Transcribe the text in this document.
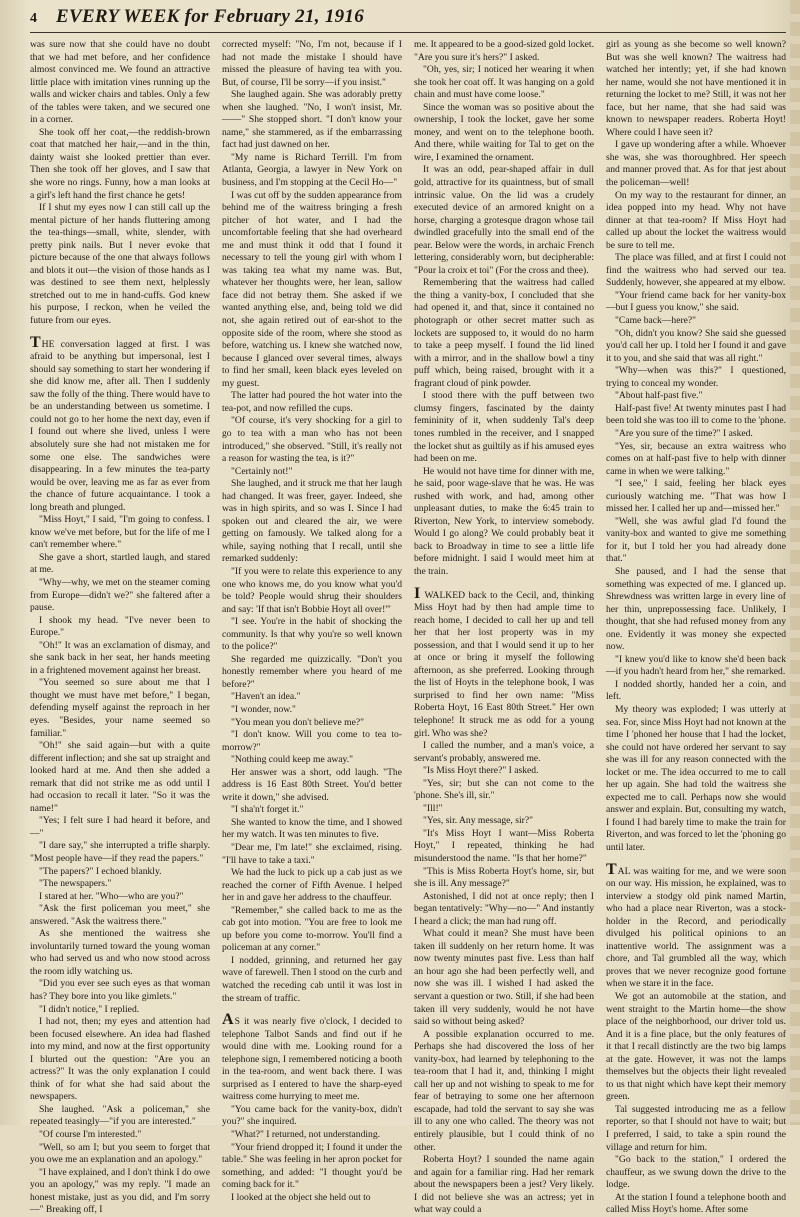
4	EVERY WEEK for February 21, 1916

was sure now that she could have no doubt that we had met before, and her confidence almost convinced me. We found an attractive little place with imitation vines running up the walls and wicker chairs and tables. Only a few of the tables were taken, and we secured one in a corner.

She took off her coat,—the reddish-brown coat that matched her hair,—and in the thin, dainty waist she looked prettier than ever. Then she took off her gloves, and I saw that she wore no rings. Funny, how a man looks at a girl's left hand the first chance he gets!

If I shut my eyes now I can still call up the mental picture of her hands fluttering among the tea-things—small, white, slender, with pretty pink nails. But I never evoke that picture because of the one that always follows and blots it out—the vision of those hands as I was destined to see them next, helplessly stretched out to me in hand-cuffs. God knew his purpose, I reckon, when he veiled the future from our eyes.

THE conversation lagged at first. I was afraid to be anything but impersonal, lest I should say something to start her wondering if she did know me, after all. Then I suddenly saw the folly of the thing. There would have to be an understanding between us sometime. I could not go to her home the next day, even if I found out where she lived, unless I were absolutely sure she had not mistaken me for some one else. The sandwiches were disappearing. In a few minutes the tea-party would be over, leaving me as far as ever from the chance of future acquaintance. I took a long breath and plunged.

"Miss Hoyt," I said, "I'm going to confess. I know we've met before, but for the life of me I can't remember where."

She gave a short, startled laugh, and stared at me.

"Why—why, we met on the steamer coming from Europe—didn't we?" she faltered after a pause.

I shook my head. "I've never been to Europe."

"Oh!" It was an exclamation of dismay, and she sank back in her seat, her hands meeting in a frightened movement against her breast.

"You seemed so sure about me that I thought we must have met before," I began, defending myself against the reproach in her eyes. "Besides, your name seemed so familiar."

"Oh!" she said again—but with a quite different inflection; and she sat up straight and looked hard at me. And then she added a remark that did not strike me as odd until I had occasion to recall it later. "So it was the name!"

"Yes; I felt sure I had heard it before, and—"

"I dare say," she interrupted a trifle sharply. "Most people have—if they read the papers."

"The papers?" I echoed blankly.

"The newspapers."

I stared at her. "Who—who are you?"

"Ask the first policeman you meet," she answered. "Ask the waitress there."

As she mentioned the waitress she involuntarily turned toward the young woman who had served us and who now stood across the room idly watching us.

"Did you ever see such eyes as that woman has? They bore into you like gimlets."

"I didn't notice," I replied.

I had not, then; my eyes and attention had been focused elsewhere. An idea had flashed into my mind, and now at the first opportunity I blurted out the question: "Are you an actress?" It was the only explanation I could think of for what she had said about the newspapers.

She laughed. "Ask a policeman," she repeated teasingly—"if you are interested."

"Of course I'm interested."

"Well, so am I; but you seem to forget that you owe me an explanation and an apology."

"I have explained, and I don't think I do owe you an apology," was my reply. "I made an honest mistake, just as you did, and I'm sorry—" Breaking off, I

corrected myself: "No, I'm not, because if I had not made the mistake I should have missed the pleasure of having tea with you. But, of course, I'll be sorry—if you insist."

She laughed again. She was adorably pretty when she laughed. "No, I won't insist, Mr.——" She stopped short. "I don't know your name," she stammered, as if the embarrassing fact had just dawned on her.

"My name is Richard Terrill. I'm from Atlanta, Georgia, a lawyer in New York on business, and I'm stopping at the Cecil Ho—"

I was cut off by the sudden appearance from behind me of the waitress bringing a fresh pitcher of hot water, and I had the uncomfortable feeling that she had overheard me and must think it odd that I found it necessary to tell the young girl with whom I was taking tea what my name was. But, whatever her thoughts were, her lean, sallow face did not betray them. She asked if we wanted anything else, and, being told we did not, she again retired out of ear-shot to the opposite side of the room, where she stood as before, watching us. I knew she watched now, because I glanced over several times, always to find her small, keen black eyes leveled on my guest.

The latter had poured the hot water into the tea-pot, and now refilled the cups.

"Of course, it's very shocking for a girl to go to tea with a man who has not been introduced," she observed. "Still, it's really not a reason for wasting the tea, is it?"

"Certainly not!"

She laughed, and it struck me that her laugh had changed. It was freer, gayer. Indeed, she was in high spirits, and so was I. Since I had spoken out and cleared the air, we were getting on famously. We talked along for a while, saying nothing that I recall, until she remarked suddenly:

"If you were to relate this experience to any one who knows me, do you know what you'd be told? People would shrug their shoulders and say: 'If that isn't Bobbie Hoyt all over!'"

"I see. You're in the habit of shocking the community. Is that why you're so well known to the police?"

She regarded me quizzically. "Don't you honestly remember where you heard of me before?"

"Haven't an idea."

"I wonder, now."

"You mean you don't believe me?"

"I don't know. Will you come to tea to-morrow?"

"Nothing could keep me away."

Her answer was a short, odd laugh. "The address is 16 East 80th Street. You'd better write it down," she advised.

"I sha'n't forget it."

She wanted to know the time, and I showed her my watch. It was ten minutes to five.

"Dear me, I'm late!" she exclaimed, rising. "I'll have to take a taxi."

We had the luck to pick up a cab just as we reached the corner of Fifth Avenue. I helped her in and gave her address to the chauffeur.

"Remember," she called back to me as the cab got into motion. "You are free to look me up before you come to-morrow. You'll find a policeman at any corner."

I nodded, grinning, and returned her gay wave of farewell. Then I stood on the curb and watched the receding cab until it was lost in the stream of traffic.

AS it was nearly five o'clock, I decided to telephone Talbot Sands and find out if he would dine with me. Looking round for a telephone sign, I remembered noticing a booth in the tea-room, and went back there. I was surprised as I entered to have the sharp-eyed waitress come hurrying to meet me.

"You came back for the vanity-box, didn't you?" she inquired.

"What?" I returned, not understanding.

"Your friend dropped it; I found it under the table." She was feeling in her apron pocket for something, and added: "I thought you'd be coming back for it."

I looked at the object she held out to

me. It appeared to be a good-sized gold locket. "Are you sure it's hers?" I asked.

"Oh, yes, sir; I noticed her wearing it when she took her coat off. It was hanging on a gold chain and must have come loose."

Since the woman was so positive about the ownership, I took the locket, gave her some money, and went on to the telephone booth. And there, while waiting for Tal to get on the wire, I examined the ornament.

It was an odd, pear-shaped affair in dull gold, attractive for its quaintness, but of small intrinsic value. On the lid was a crudely executed device of an armored knight on a horse, charging a grotesque dragon whose tail dwindled gracefully into the small end of the pear. Below were the words, in archaic French lettering, considerably worn, but decipherable: "Pour la croix et toi" (For the cross and thee).

Remembering that the waitress had called the thing a vanity-box, I concluded that she had opened it, and that, since it contained no photograph or other secret matter such as lockets are supposed to, it would do no harm to take a peep myself. I found the lid lined with a mirror, and in the shallow bowl a tiny puff which, being raised, brought with it a fragrant cloud of pink powder.

I stood there with the puff between two clumsy fingers, fascinated by the dainty femininity of it, when suddenly Tal's deep tones rumbled in the receiver, and I snapped the locket shut as guiltily as if his amused eyes had been on me.

He would not have time for dinner with me, he said, poor wage-slave that he was. He was rushed with work, and had, among other unpleasant duties, to make the 6:45 train to Riverton, New York, to interview somebody. Would I go along? We could probably beat it back to Broadway in time to see a little life before midnight. I said I would meet him at the train.

I WALKED back to the Cecil, and, thinking Miss Hoyt had by then had ample time to reach home, I decided to call her up and tell her that her lost property was in my possession, and that I would send it up to her at once or bring it myself the following afternoon, as she preferred. Looking through the list of Hoyts in the telephone book, I was surprised to find her own name: "Miss Roberta Hoyt, 16 East 80th Street." Her own telephone! It struck me as odd for a young girl. Who was she?

I called the number, and a man's voice, a servant's probably, answered me.

"Is Miss Hoyt there?" I asked.

"Yes, sir; but she can not come to the 'phone. She's ill, sir."

"Ill!"

"Yes, sir. Any message, sir?"

"It's Miss Hoyt I want—Miss Roberta Hoyt," I repeated, thinking he had misunderstood the name. "Is that her home?"

"This is Miss Roberta Hoyt's home, sir, but she is ill. Any message?"

Astonished, I did not at once reply; then I began tentatively: "Why—no—" And instantly I heard a click; the man had rung off.

What could it mean? She must have been taken ill suddenly on her return home. It was now twenty minutes past five. Less than half an hour ago she had been perfectly well, and now she was ill. I wished I had asked the servant a question or two. Still, if she had been taken ill very suddenly, would he not have said so without being asked?

A possible explanation occurred to me. Perhaps she had discovered the loss of her vanity-box, had learned by telephoning to the tea-room that I had it, and, thinking I might call her up and not wishing to speak to me for fear of betraying to some one her afternoon escapade, had told the servant to say she was ill to any one who called. The theory was not entirely plausible, but I could think of no other.

Roberta Hoyt? I sounded the name again and again for a familiar ring. Had her remark about the newspapers been a jest? Very likely. I did not believe she was an actress; yet in what way could a

girl as young as she become so well known? But was she well known? The waitress had watched her intently; yet, if she had known her name, would she not have mentioned it in returning the locket to me? Still, it was not her face, but her name, that she had said was known to newspaper readers. Roberta Hoyt! Where could I have seen it?

I gave up wondering after a while. Whoever she was, she was thoroughbred. Her speech and manner proved that. As for that jest about the policeman—well!

On my way to the restaurant for dinner, an idea popped into my head. Why not have dinner at that tea-room? If Miss Hoyt had called up about the locket the waitress would be sure to tell me.

The place was filled, and at first I could not find the waitress who had served our tea. Suddenly, however, she appeared at my elbow.

"Your friend came back for her vanity-box—but I guess you know," she said.

"Came back—here?"

"Oh, didn't you know? She said she guessed you'd call her up. I told her I found it and gave it to you, and she said that was all right."

"Why—when was this?" I questioned, trying to conceal my wonder.

"About half-past five."

Half-past five! At twenty minutes past I had been told she was too ill to come to the 'phone.

"Are you sure of the time?" I asked.

"Yes, sir, because an extra waitress who comes on at half-past five to help with dinner came in when we were talking."

"I see," I said, feeling her black eyes curiously watching me. "That was how I missed her. I called her up and—missed her."

"Well, she was awful glad I'd found the vanity-box and wanted to give me something for it, but I told her you had already done that."

She paused, and I had the sense that something was expected of me. I glanced up. Shrewdness was written large in every line of her thin, unprepossessing face. Unlikely, I thought, that she had refused money from any one. Evidently it was money she expected now.

"I knew you'd like to know she'd been back—if you hadn't heard from her," she remarked.

I nodded shortly, handed her a coin, and left.

My theory was exploded; I was utterly at sea. For, since Miss Hoyt had not known at the time I 'phoned her house that I had the locket, she could not have ordered her servant to say she was ill for any reason connected with the locket or me. The idea occurred to me to call her up again. She had told the waitress she expected me to call. Perhaps now she would answer and explain. But, consulting my watch, I found I had barely time to make the train for Riverton, and was forced to let the 'phoning go until later.

TAL was waiting for me, and we were soon on our way. His mission, he explained, was to interview a stodgy old pink named Martin, who had a place near Riverton, was a stock-holder in the Record, and periodically divulged his political opinions to an inattentive world. The assignment was a chore, and Tal grumbled all the way, which proves that we never recognize good fortune when we stare it in the face.

We got an automobile at the station, and went straight to the Martin home—the show place of the neighborhood, our driver told us. And it is a fine place, but the only features of it that I recall distinctly are the two big lamps at the gate. However, it was not the lamps themselves but the objects their light revealed to us that night which have kept their memory green.

Tal suggested introducing me as a fellow reporter, so that I should not have to wait; but I preferred, I said, to take a spin round the village and return for him.

"Go back to the station," I ordered the chauffeur, as we swung down the drive to the lodge.

At the station I found a telephone booth and called Miss Hoyt's home. After some
